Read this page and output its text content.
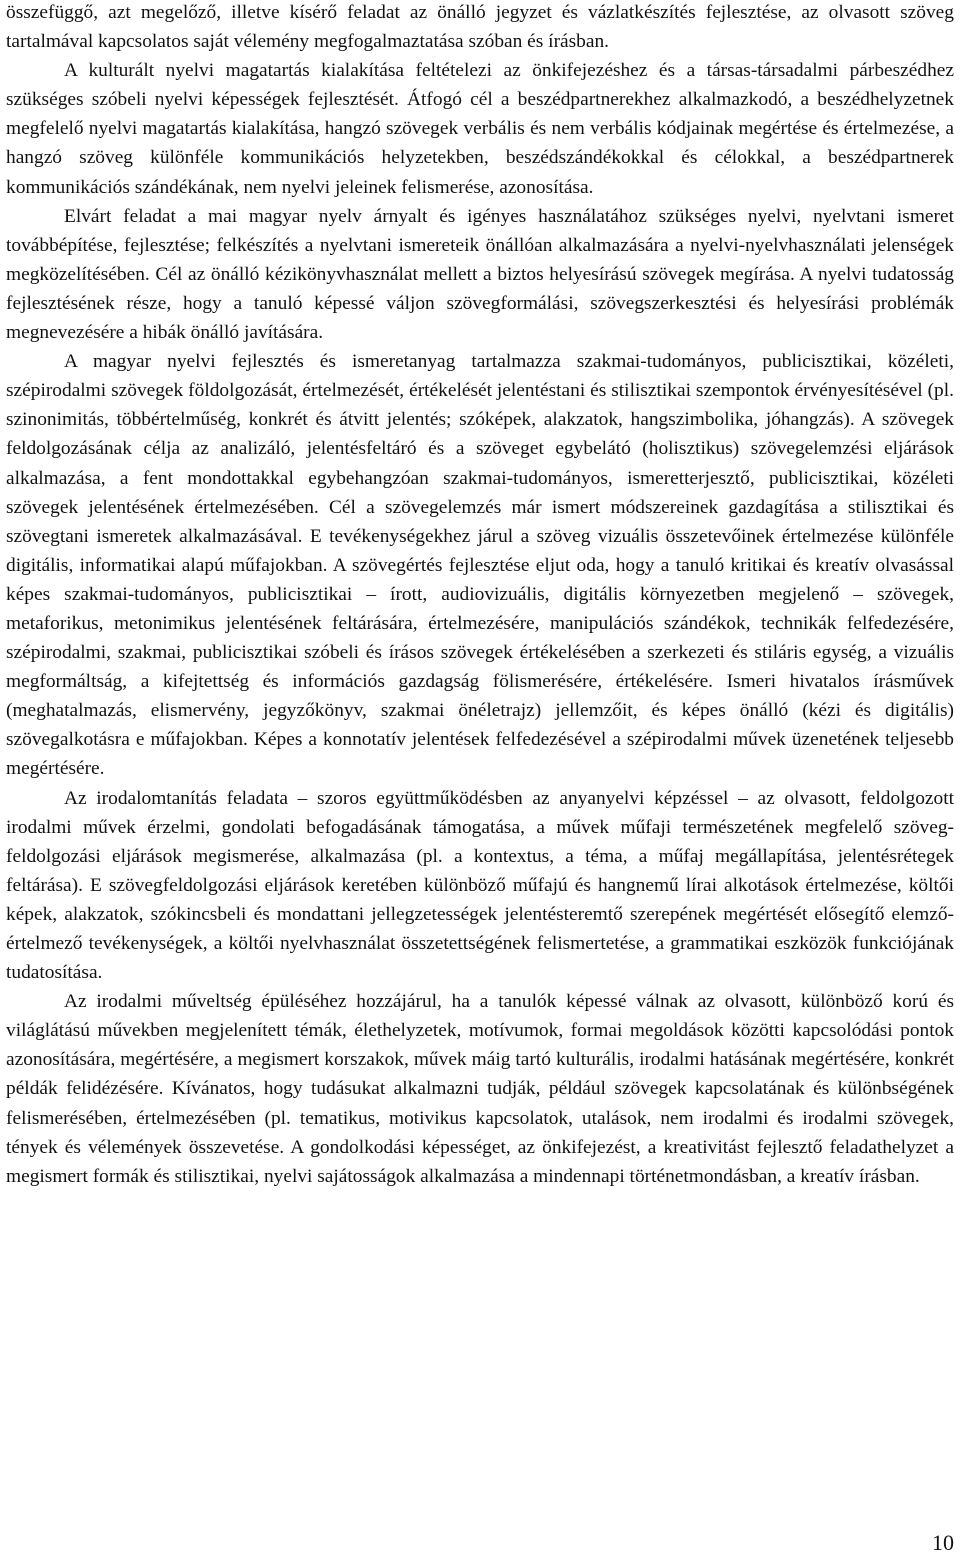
összefüggő, azt megelőző, illetve kísérő feladat az önálló jegyzet és vázlatkészítés fejlesztése, az olvasott szöveg tartalmával kapcsolatos saját vélemény megfogalmaztatása szóban és írásban.

A kulturált nyelvi magatartás kialakítása feltételezi az önkifejezéshez és a társas-társadalmi párbeszédhez szükséges szóbeli nyelvi képességek fejlesztését. Átfogó cél a beszédpartnerekhez alkalmazkodó, a beszédhelyzetnek megfelelő nyelvi magatartás kialakítása, hangzó szövegek verbális és nem verbális kódjainak megértése és értelmezése, a hangzó szöveg különféle kommunikációs helyzetekben, beszédszándékokkal és célokkal, a beszédpartnerek kommunikációs szándékának, nem nyelvi jeleinek felismerése, azonosítása.

Elvárt feladat a mai magyar nyelv árnyalt és igényes használatához szükséges nyelvi, nyelvtani ismeret továbbépítése, fejlesztése; felkészítés a nyelvtani ismereteik önállóan alkalmazására a nyelvi-nyelvhasználati jelenségek megközelítésében. Cél az önálló kézikönyvhasználat mellett a biztos helyesírású szövegek megírása. A nyelvi tudatosság fejlesztésének része, hogy a tanuló képessé váljon szövegformálási, szövegszerkesztési és helyesírási problémák megnevezésére a hibák önálló javítására.

A magyar nyelvi fejlesztés és ismeretanyag tartalmazza szakmai-tudományos, publicisztikai, közéleti, szépirodalmi szövegek földolgozását, értelmezését, értékelését jelentéstani és stilisztikai szempontok érvényesítésével (pl. szinonimitás, többértelműség, konkrét és átvitt jelentés; szóképek, alakzatok, hangszimbolika, jóhangzás). A szövegek feldolgozásának célja az analizáló, jelentésfeltáró és a szöveget egybelátó (holisztikus) szövegelemzési eljárások alkalmazása, a fent mondottakkal egybehangzóan szakmai-tudományos, ismeretterjesztő, publicisztikai, közéleti szövegek jelentésének értelmezésében. Cél a szövegelemzés már ismert módszereinek gazdagítása a stilisztikai és szövegtani ismeretek alkalmazásával. E tevékenységekhez járul a szöveg vizuális összetevőinek értelmezése különféle digitális, informatikai alapú műfajokban. A szövegértés fejlesztése eljut oda, hogy a tanuló kritikai és kreatív olvasással képes szakmai-tudományos, publicisztikai – írott, audiovizuális, digitális környezetben megjelenő – szövegek, metaforikus, metonimikus jelentésének feltárására, értelmezésére, manipulációs szándékok, technikák felfedezésére, szépirodalmi, szakmai, publicisztikai szóbeli és írásos szövegek értékelésében a szerkezeti és stiláris egység, a vizuális megformáltság, a kifejtettség és információs gazdagság fölismerésére, értékelésére. Ismeri hivatalos írásművek (meghatalmazás, elismervény, jegyzőkönyv, szakmai önéletrajz) jellemzőit, és képes önálló (kézi és digitális) szövegalkotásra e műfajokban. Képes a konnotatív jelentések felfedezésével a szépirodalmi művek üzenetének teljesebb megértésére.

Az irodalomtanítás feladata – szoros együttműködésben az anyanyelvi képzéssel – az olvasott, feldolgozott irodalmi művek érzelmi, gondolati befogadásának támogatása, a művek műfaji természetének megfelelő szöveg-feldolgozási eljárások megismerése, alkalmazása (pl. a kontextus, a téma, a műfaj megállapítása, jelentésrétegek feltárása). E szövegfeldolgozási eljárások keretében különböző műfajú és hangnemű lírai alkotások értelmezése, költői képek, alakzatok, szókincsbeli és mondattani jellegzetességek jelentésteremtő szerepének megértését elősegítő elemző-értelmező tevékenységek, a költői nyelvhasználat összetettségének felismertetése, a grammatikai eszközök funkciójának tudatosítása.

Az irodalmi műveltség épüléséhez hozzájárul, ha a tanulók képessé válnak az olvasott, különböző korú és világlátású művekben megjelenített témák, élethelyzetek, motívumok, formai megoldások közötti kapcsolódási pontok azonosítására, megértésére, a megismert korszakok, művek máig tartó kulturális, irodalmi hatásának megértésére, konkrét példák felidézésére. Kívánatos, hogy tudásukat alkalmazni tudják, például szövegek kapcsolatának és különbségének felismerésében, értelmezésében (pl. tematikus, motivikus kapcsolatok, utalások, nem irodalmi és irodalmi szövegek, tények és vélemények összevetése. A gondolkodási képességet, az önkifejezést, a kreativitást fejlesztő feladathelyzet a megismert formák és stilisztikai, nyelvi sajátosságok alkalmazása a mindennapi történetmondásban, a kreatív írásban.

10
